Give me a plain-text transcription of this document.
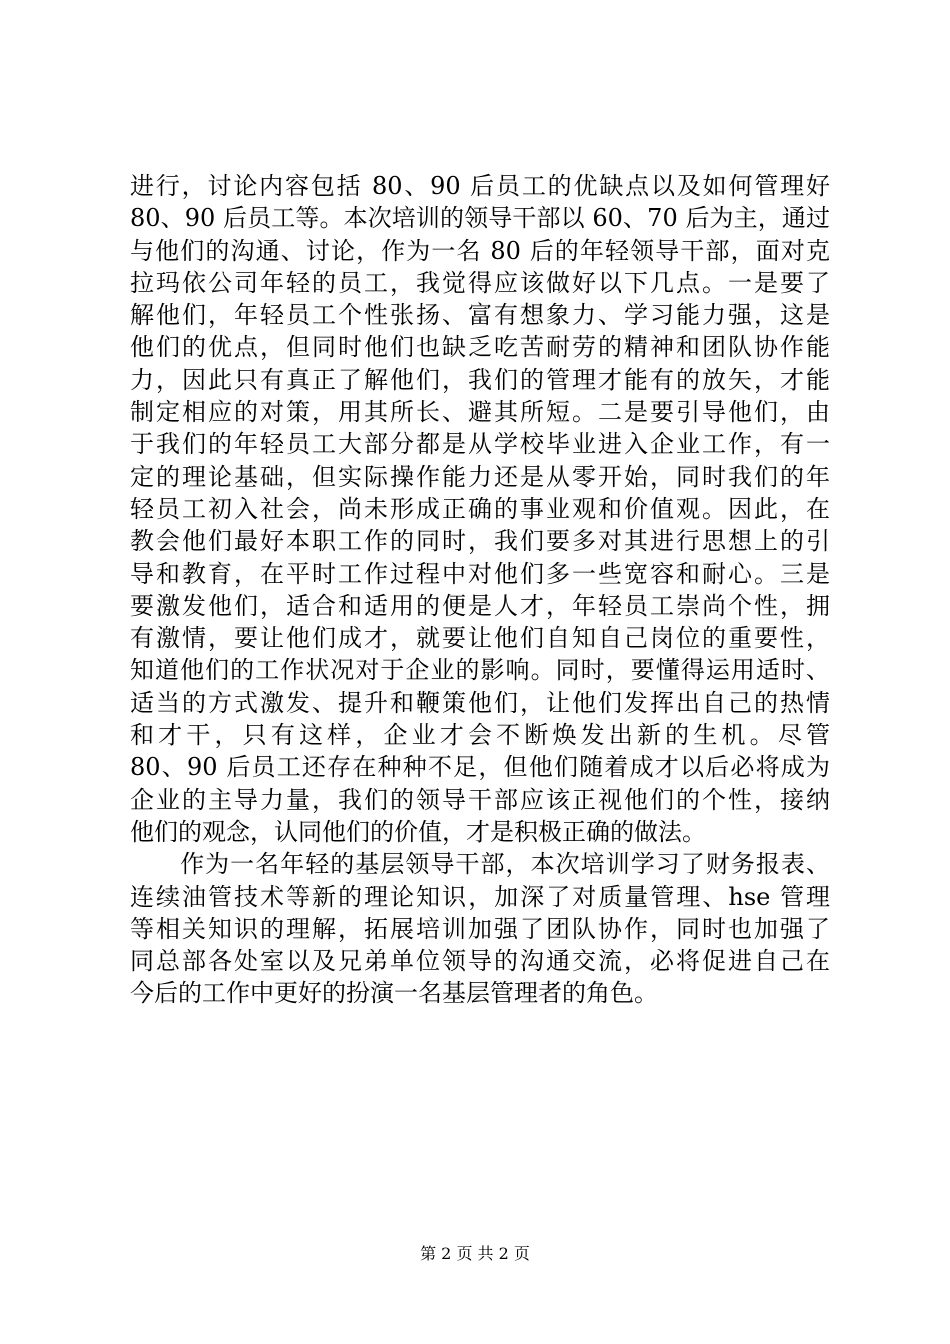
进行，讨论内容包括 80、90 后员工的优缺点以及如何管理好
80、90 后员工等。本次培训的领导干部以 60、70 后为主，通过
与他们的沟通、讨论，作为一名 80 后的年轻领导干部，面对克
拉玛依公司年轻的员工，我觉得应该做好以下几点。一是要了
解他们，年轻员工个性张扬、富有想象力、学习能力强，这是
他们的优点，但同时他们也缺乏吃苦耐劳的精神和团队协作能
力，因此只有真正了解他们，我们的管理才能有的放矢，才能
制定相应的对策，用其所长、避其所短。二是要引导他们，由
于我们的年轻员工大部分都是从学校毕业进入企业工作，有一
定的理论基础，但实际操作能力还是从零开始，同时我们的年
轻员工初入社会，尚未形成正确的事业观和价值观。因此，在
教会他们最好本职工作的同时，我们要多对其进行思想上的引
导和教育，在平时工作过程中对他们多一些宽容和耐心。三是
要激发他们，适合和适用的便是人才，年轻员工崇尚个性，拥
有激情，要让他们成才，就要让他们自知自己岗位的重要性，
知道他们的工作状况对于企业的影响。同时，要懂得运用适时、
适当的方式激发、提升和鞭策他们，让他们发挥出自己的热情
和才干，只有这样，企业才会不断焕发出新的生机。尽管
80、90 后员工还存在种种不足，但他们随着成才以后必将成为
企业的主导力量，我们的领导干部应该正视他们的个性，接纳
他们的观念，认同他们的价值，才是积极正确的做法。
　　作为一名年轻的基层领导干部，本次培训学习了财务报表、
连续油管技术等新的理论知识，加深了对质量管理、hse 管理
等相关知识的理解，拓展培训加强了团队协作，同时也加强了
同总部各处室以及兄弟单位领导的沟通交流，必将促进自己在
今后的工作中更好的扮演一名基层管理者的角色。
第 2 页 共 2 页
